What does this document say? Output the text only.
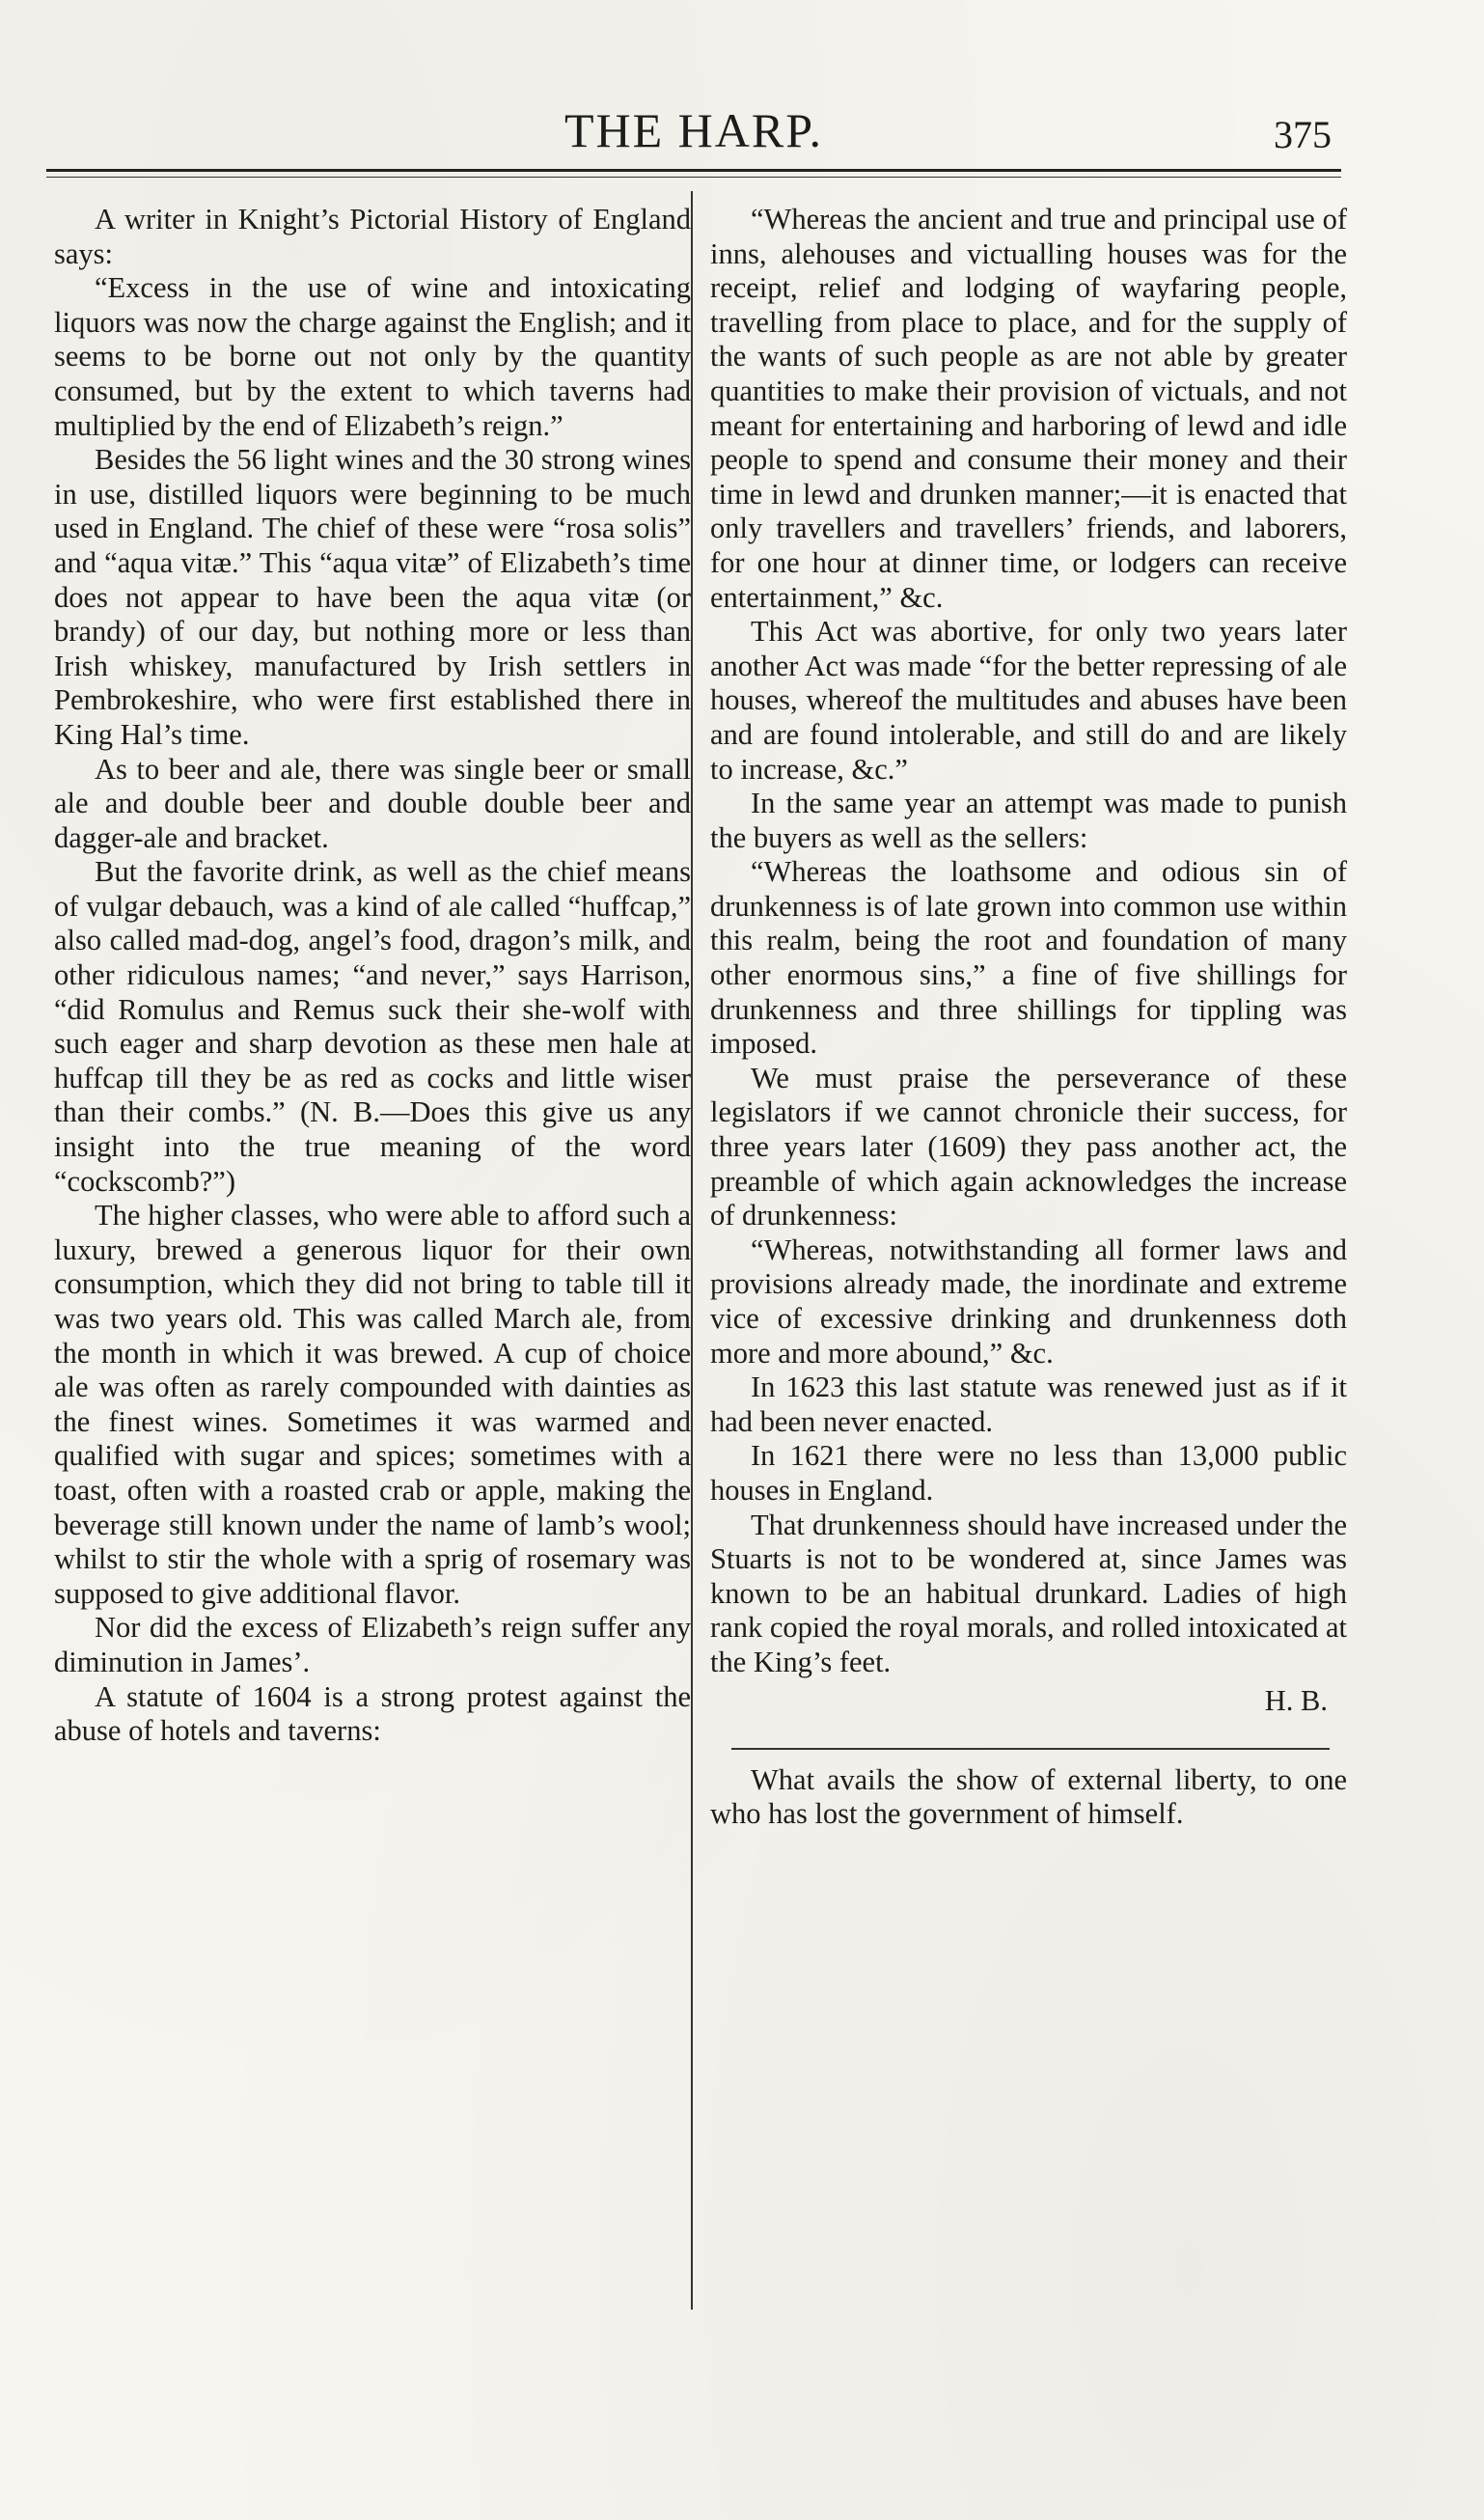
THE HARP.	375

A writer in Knight’s Pictorial History of England says:

“Excess in the use of wine and intoxicating liquors was now the charge against the English; and it seems to be borne out not only by the quantity consumed, but by the extent to which taverns had multiplied by the end of Elizabeth’s reign.”

Besides the 56 light wines and the 30 strong wines in use, distilled liquors were beginning to be much used in England. The chief of these were “rosa solis” and “aqua vitæ.” This “aqua vitæ” of Elizabeth’s time does not appear to have been the aqua vitæ (or brandy) of our day, but nothing more or less than Irish whiskey, manufactured by Irish settlers in Pembrokeshire, who were first established there in King Hal’s time.

As to beer and ale, there was single beer or small ale and double beer and double double beer and dagger-ale and bracket.

But the favorite drink, as well as the chief means of vulgar debauch, was a kind of ale called “huffcap,” also called mad-dog, angel’s food, dragon’s milk, and other ridiculous names; “and never,” says Harrison, “did Romulus and Remus suck their she-wolf with such eager and sharp devotion as these men hale at huffcap till they be as red as cocks and little wiser than their combs.” (N. B.—Does this give us any insight into the true meaning of the word “cockscomb?”)

The higher classes, who were able to afford such a luxury, brewed a generous liquor for their own consumption, which they did not bring to table till it was two years old. This was called March ale, from the month in which it was brewed. A cup of choice ale was often as rarely compounded with dainties as the finest wines. Sometimes it was warmed and qualified with sugar and spices; sometimes with a toast, often with a roasted crab or apple, making the beverage still known under the name of lamb’s wool; whilst to stir the whole with a sprig of rosemary was supposed to give additional flavor.

Nor did the excess of Elizabeth’s reign suffer any diminution in James’.

A statute of 1604 is a strong protest against the abuse of hotels and taverns:

“Whereas the ancient and true and principal use of inns, alehouses and victualling houses was for the receipt, relief and lodging of wayfaring people, travelling from place to place, and for the supply of the wants of such people as are not able by greater quantities to make their provision of victuals, and not meant for entertaining and harboring of lewd and idle people to spend and consume their money and their time in lewd and drunken manner;—it is enacted that only travellers and travellers’ friends, and laborers, for one hour at dinner time, or lodgers can receive entertainment,” &c.

This Act was abortive, for only two years later another Act was made “for the better repressing of ale houses, whereof the multitudes and abuses have been and are found intolerable, and still do and are likely to increase, &c.”

In the same year an attempt was made to punish the buyers as well as the sellers:

“Whereas the loathsome and odious sin of drunkenness is of late grown into common use within this realm, being the root and foundation of many other enormous sins,” a fine of five shillings for drunkenness and three shillings for tippling was imposed.

We must praise the perseverance of these legislators if we cannot chronicle their success, for three years later (1609) they pass another act, the preamble of which again acknowledges the increase of drunkenness:

“Whereas, notwithstanding all former laws and provisions already made, the inordinate and extreme vice of excessive drinking and drunkenness doth more and more abound,” &c.

In 1623 this last statute was renewed just as if it had been never enacted.

In 1621 there were no less than 13,000 public houses in England.

That drunkenness should have increased under the Stuarts is not to be wondered at, since James was known to be an habitual drunkard. Ladies of high rank copied the royal morals, and rolled intoxicated at the King’s feet.

H. B.

What avails the show of external liberty, to one who has lost the government of himself.
